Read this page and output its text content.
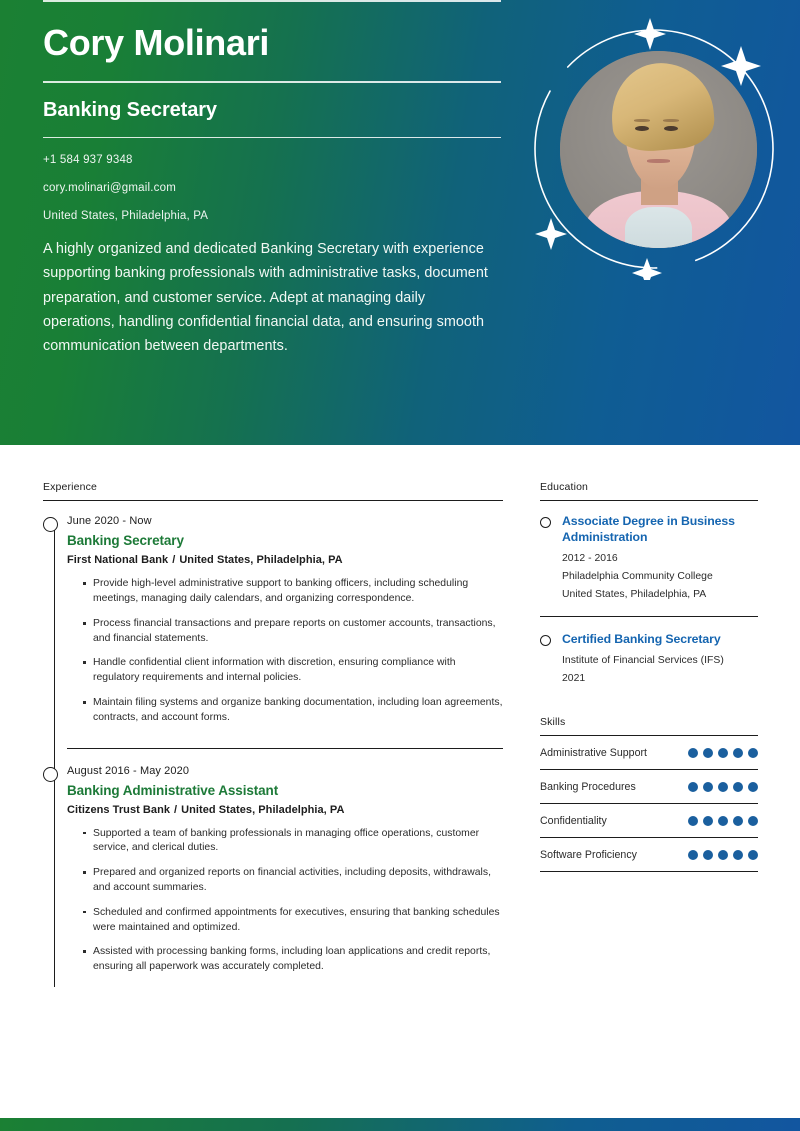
Cory Molinari
Banking Secretary
+1 584 937 9348
cory.molinari@gmail.com
United States, Philadelphia, PA

A highly organized and dedicated Banking Secretary with experience supporting banking professionals with administrative tasks, document preparation, and customer service. Adept at managing daily operations, handling confidential financial data, and ensuring smooth communication between departments.

Experience
June 2020 - Now
Banking Secretary
First National Bank / United States, Philadelphia, PA
Provide high-level administrative support to banking officers, including scheduling meetings, managing daily calendars, and organizing correspondence.
Process financial transactions and prepare reports on customer accounts, transactions, and financial statements.
Handle confidential client information with discretion, ensuring compliance with regulatory requirements and internal policies.
Maintain filing systems and organize banking documentation, including loan agreements, contracts, and account forms.
August 2016 - May 2020
Banking Administrative Assistant
Citizens Trust Bank / United States, Philadelphia, PA
Supported a team of banking professionals in managing office operations, customer service, and clerical duties.
Prepared and organized reports on financial activities, including deposits, withdrawals, and account summaries.
Scheduled and confirmed appointments for executives, ensuring that banking schedules were maintained and optimized.
Assisted with processing banking forms, including loan applications and credit reports, ensuring all paperwork was accurately completed.
Education
Associate Degree in Business Administration
2012 - 2016
Philadelphia Community College
United States, Philadelphia, PA
Certified Banking Secretary
Institute of Financial Services (IFS)
2021
Skills
Administrative Support
Banking Procedures
Confidentiality
Software Proficiency
